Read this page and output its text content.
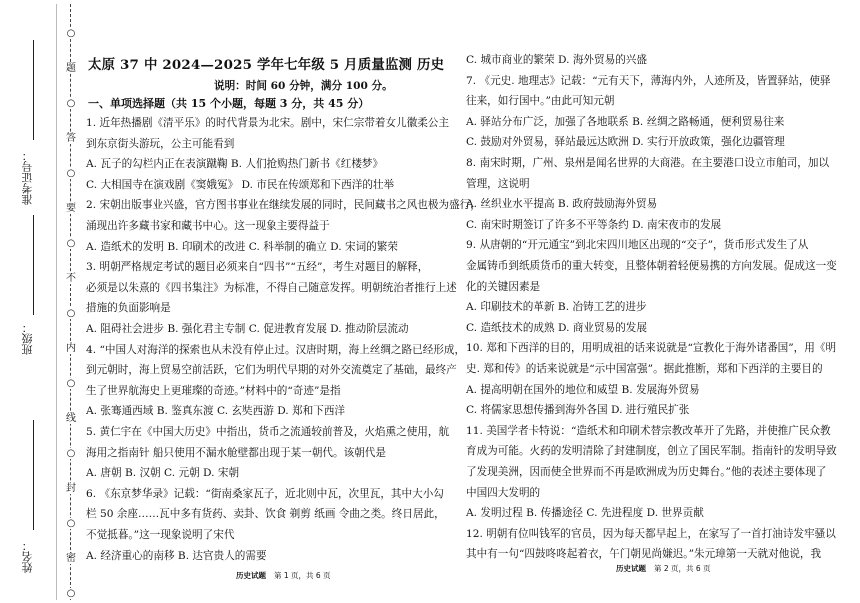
○
题
○
答
○
要
○
不
○
内
○
线
○
封
○
密
○
准考证号：
班级：
姓名：
太原 37 中 2024—2025 学年七年级 5 月质量监测 历史
说明：时间 60 分钟，满分 100 分。
一、单项选择题（共 15 个小题，每题 3 分，共 45 分）
1. 近年热播剧《清平乐》的时代背景为北宋。剧中，宋仁宗带着女儿徽柔公主
到东京街头游玩，公主可能看到
A. 瓦子的勾栏内正在表演蹴鞠 B. 人们抢购热门新书《红楼梦》
C. 大相国寺在演戏剧《窦娥冤》 D. 市民在传颂郑和下西洋的壮举
2. 宋朝出版事业兴盛，官方图书事业在继续发展的同时，民间藏书之风也极为盛行，
涌现出许多藏书家和藏书中心。这一现象主要得益于
A. 造纸术的发明 B. 印刷术的改进 C. 科举制的确立 D. 宋词的繁荣
3. 明朝严格规定考试的题目必须来自“四书”“五经”，考生对题目的解释，
必须是以朱熹的《四书集注》为标准，不得自己随意发挥。明朝统治者推行上述
措施的负面影响是
A. 阻碍社会进步 B. 强化君主专制 C. 促进教育发展 D. 推动阶层流动
4. “中国人对海洋的探索也从未没有停止过。汉唐时期，海上丝绸之路已经形成，
到元朝时，海上贸易空前活跃，它们为明代早期的对外交流奠定了基础，最终产
生了世界航海史上更璀璨的奇迹。”材料中的“奇迹”是指
A. 张骞通西域 B. 鉴真东渡 C. 玄奘西游 D. 郑和下西洋
5. 黄仁宇在《中国大历史》中指出，货币之流通较前普及，火焰熏之使用，航
海用之指南针 船只使用不漏水舱壁都出现于某一朝代。该朝代是
A. 唐朝 B. 汉朝 C. 元朝 D. 宋朝
6. 《东京梦华录》记载：“街南桑家瓦子，近北则中瓦，次里瓦，其中大小勾
栏 50 余座……瓦中多有货药、卖卦、饮食 剃剪 纸画 令曲之类。终日居此，
不觉抵暮。”这一现象说明了宋代
A. 经济重心的南移 B. 达官贵人的需要
历史试题 第 1 页，共 6 页
C. 城市商业的繁荣 D. 海外贸易的兴盛
7. 《元史. 地理志》记载：“元有天下，薄海内外，人迹所及，皆置驿站，使驿
往来，如行国中。”由此可知元朝
A. 驿站分布广泛，加强了各地联系 B. 丝绸之路畅通，便利贸易往来
C. 鼓励对外贸易，驿站最远达欧洲 D. 实行开放政策，强化边疆管理
8. 南宋时期，广州、泉州是闻名世界的大商港。在主要港口设立市舶司，加以
管理，这说明
A. 丝织业水平提高 B. 政府鼓励海外贸易
C. 南宋时期签订了许多不平等条约 D. 南宋夜市的发展
9. 从唐朝的“开元通宝”到北宋四川地区出现的“交子”，货币形式发生了从
金属铸币到纸质货币的重大转变，且整体朝着轻便易携的方向发展。促成这一变
化的关键因素是
A. 印刷技术的革新 B. 冶铸工艺的进步
C. 造纸技术的成熟 D. 商业贸易的发展
10. 郑和下西洋的目的，用明成祖的话来说就是“宣教化于海外诸番国”，用《明
史. 郑和传》的话来说就是“示中国富强”。据此推断，郑和下西洋的主要目的
A. 提高明朝在国外的地位和威望 B. 发展海外贸易
C. 将儒家思想传播到海外各国 D. 进行殖民扩张
11. 美国学者卡特说：“造纸术和印刷术替宗教改革开了先路，并使推广民众教
育成为可能。火药的发明清除了封建制度，创立了国民军制。指南针的发明导致
了发现美洲，因而使全世界而不再是欧洲成为历史舞台。”他的表述主要体现了
中国四大发明的
A. 发明过程 B. 传播途径 C. 先进程度 D. 世界贡献
12. 明朝有位叫钱军的官员，因为每天都早起上，在家写了一首打油诗发牢骚以
其中有一句“四鼓咚咚起着衣，午门朝见尚嫌迟。”朱元璋第一天就对他说，我
历史试题 第 2 页，共 6 页
